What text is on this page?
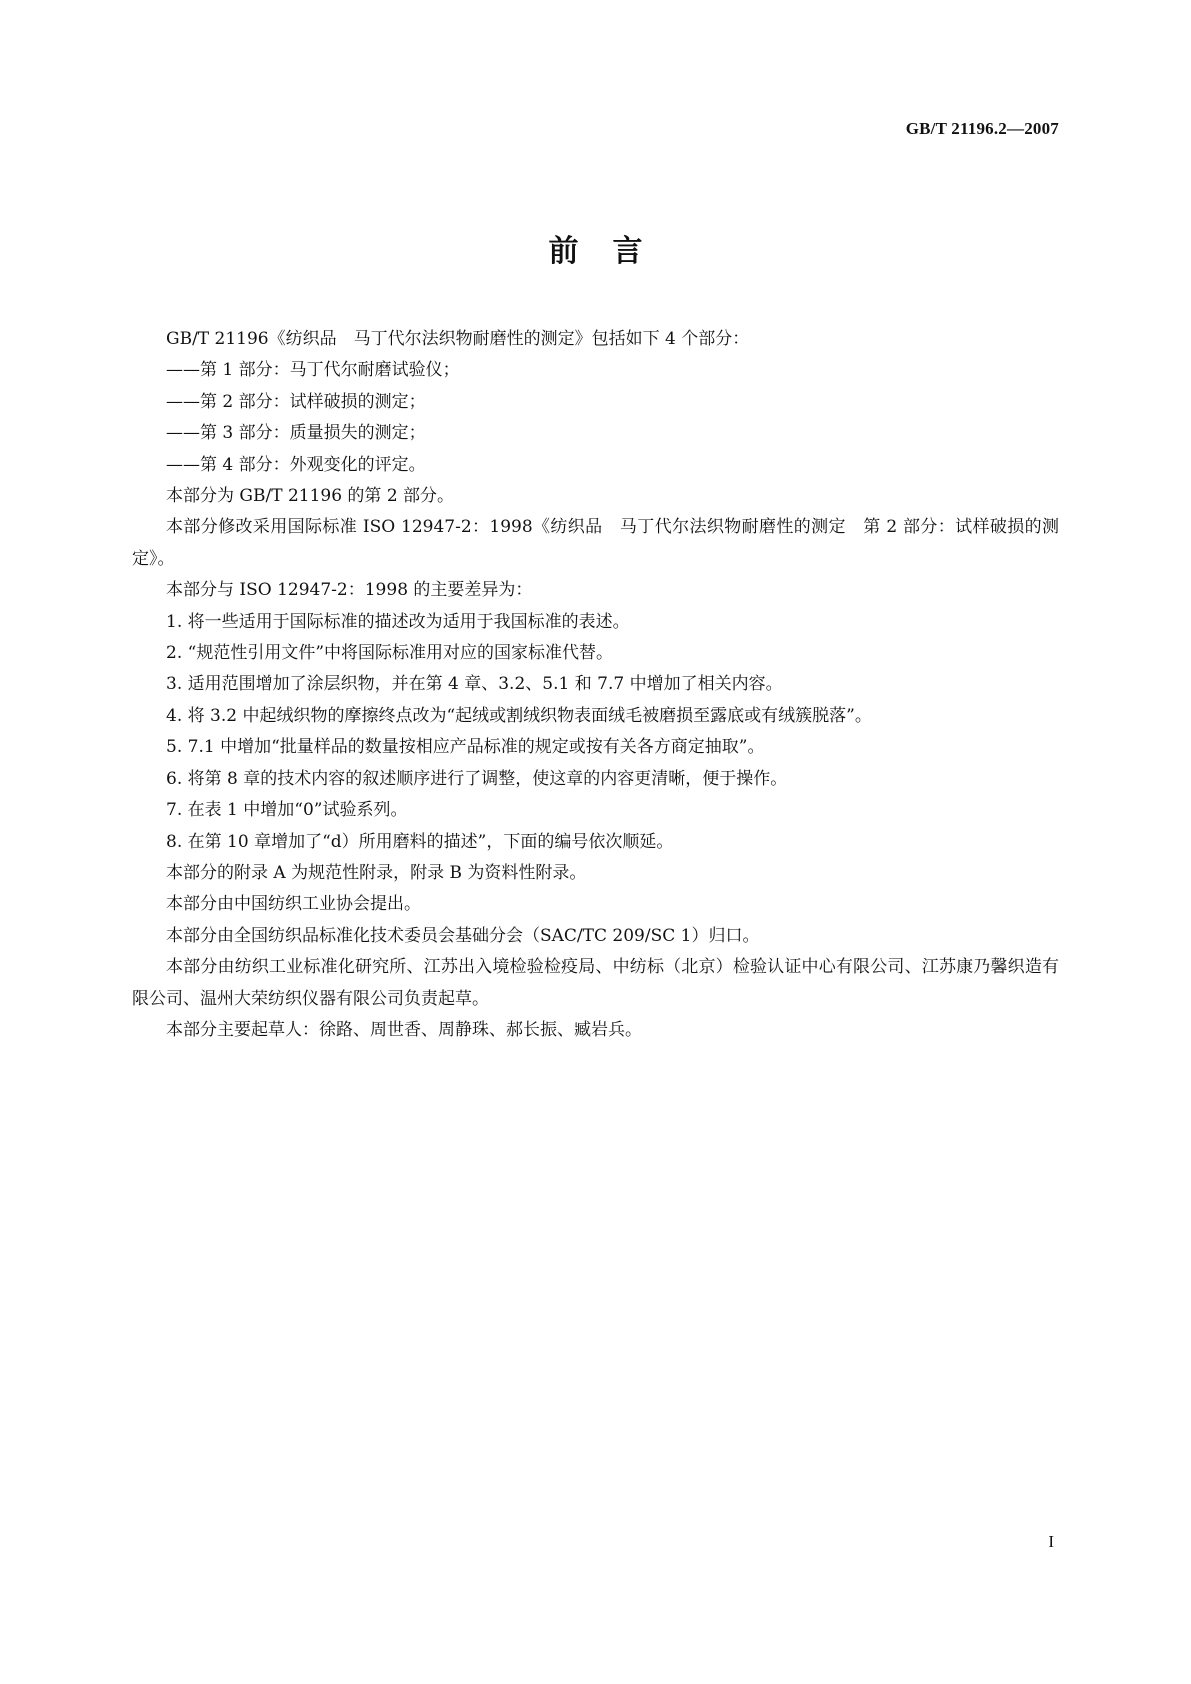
GB/T 21196.2—2007
前言

GB/T 21196《纺织品　马丁代尔法织物耐磨性的测定》包括如下 4 个部分：

——第 1 部分：马丁代尔耐磨试验仪；

——第 2 部分：试样破损的测定；

——第 3 部分：质量损失的测定；

——第 4 部分：外观变化的评定。

本部分为 GB/T 21196 的第 2 部分。

本部分修改采用国际标准 ISO 12947-2：1998《纺织品　马丁代尔法织物耐磨性的测定　第 2 部分：试样破损的测定》。

本部分与 ISO 12947-2：1998 的主要差异为：

1. 将一些适用于国际标准的描述改为适用于我国标准的表述。

2. “规范性引用文件”中将国际标准用对应的国家标准代替。

3. 适用范围增加了涂层织物，并在第 4 章、3.2、5.1 和 7.7 中增加了相关内容。

4. 将 3.2 中起绒织物的摩擦终点改为“起绒或割绒织物表面绒毛被磨损至露底或有绒簇脱落”。

5. 7.1 中增加“批量样品的数量按相应产品标准的规定或按有关各方商定抽取”。

6. 将第 8 章的技术内容的叙述顺序进行了调整，使这章的内容更清晰，便于操作。

7. 在表 1 中增加“0”试验系列。

8. 在第 10 章增加了“d）所用磨料的描述”，下面的编号依次顺延。

本部分的附录 A 为规范性附录，附录 B 为资料性附录。

本部分由中国纺织工业协会提出。

本部分由全国纺织品标准化技术委员会基础分会（SAC/TC 209/SC 1）归口。

本部分由纺织工业标准化研究所、江苏出入境检验检疫局、中纺标（北京）检验认证中心有限公司、江苏康乃馨织造有限公司、温州大荣纺织仪器有限公司负责起草。

本部分主要起草人：徐路、周世香、周静珠、郝长振、臧岩兵。

I
